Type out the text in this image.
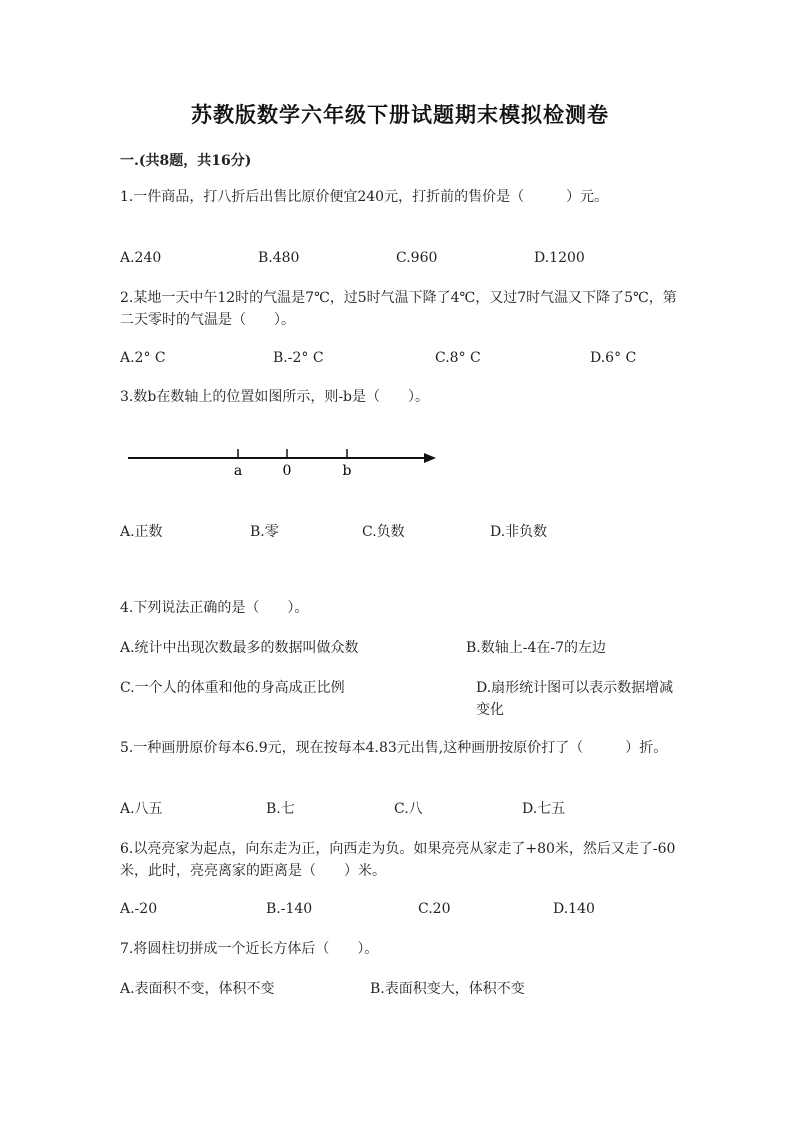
苏教版数学六年级下册试题期末模拟检测卷
一.(共8题，共16分)
1.一件商品，打八折后出售比原价便宜240元，打折前的售价是（　　　）元。
A.240	B.480	C.960	D.1200
2.某地一天中午12时的气温是7℃，过5时气温下降了4℃，又过7时气温又下降了5℃，第二天零时的气温是（　　）。
A.2° C	B.-2° C	C.8° C	D.6° C
3.数b在数轴上的位置如图所示，则-b是（　　）。
a	0	b
A.正数	B.零	C.负数	D.非负数
4.下列说法正确的是（　　）。
A.统计中出现次数最多的数据叫做众数	B.数轴上-4在-7的左边
C.一个人的体重和他的身高成正比例	D.扇形统计图可以表示数据增减变化
5.一种画册原价每本6.9元，现在按每本4.83元出售,这种画册按原价打了（　　　）折。
A.八五	B.七	C.八	D.七五
6.以亮亮家为起点，向东走为正，向西走为负。如果亮亮从家走了+80米，然后又走了-60米，此时，亮亮离家的距离是（　　）米。
A.-20	B.-140	C.20	D.140
7.将圆柱切拼成一个近长方体后（　　）。
A.表面积不变，体积不变	B.表面积变大，体积不变
